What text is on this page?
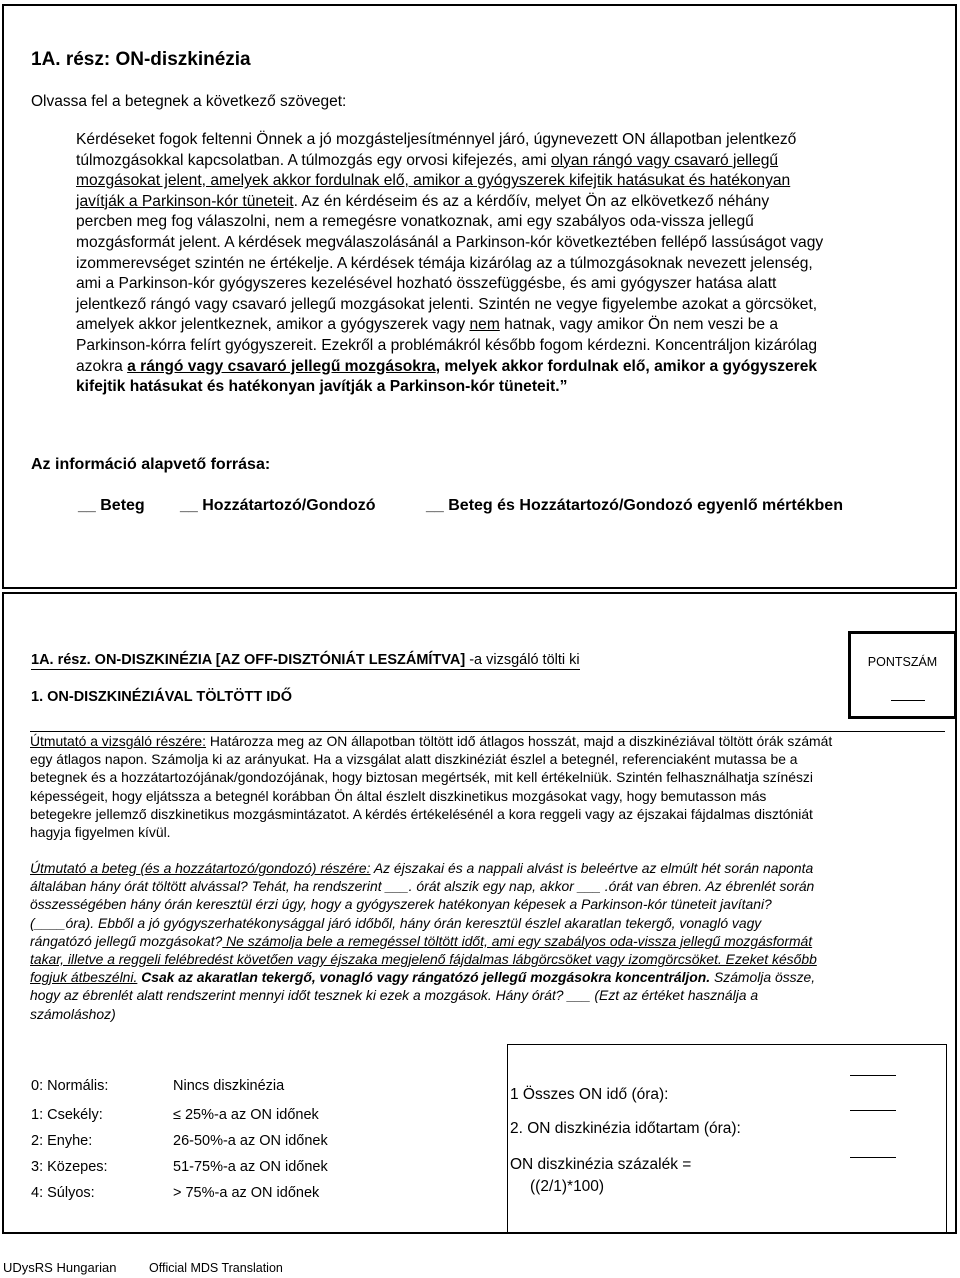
1A. rész: ON-diszkinézia
Olvassa fel a betegnek a következő szöveget:
Kérdéseket fogok feltenni Önnek a jó mozgásteljesítménnyel járó, úgynevezett ON állapotban jelentkező
túlmozgásokkal kapcsolatban. A túlmozgás egy orvosi kifejezés, ami olyan rángó vagy csavaró jellegű
mozgásokat jelent, amelyek akkor fordulnak elő, amikor a gyógyszerek kifejtik hatásukat és hatékonyan
javítják a Parkinson-kór tüneteit. Az én kérdéseim és az a kérdőív, melyet Ön az elkövetkező néhány
percben meg fog válaszolni, nem a remegésre vonatkoznak, ami egy szabályos oda-vissza jellegű
mozgásformát jelent. A kérdések megválaszolásánál a Parkinson-kór következtében fellépő lassúságot vagy
izommerevséget szintén ne értékelje. A kérdések témája kizárólag az a túlmozgásoknak nevezett jelenség,
ami a Parkinson-kór gyógyszeres kezelésével hozható összefüggésbe, és ami gyógyszer hatása alatt
jelentkező rángó vagy csavaró jellegű mozgásokat jelenti. Szintén ne vegye figyelembe azokat a görcsöket,
amelyek akkor jelentkeznek, amikor a gyógyszerek vagy nem hatnak, vagy amikor Ön nem veszi be a
Parkinson-kórra felírt gyógyszereit. Ezekről a problémákról később fogom kérdezni. Koncentráljon kizárólag
azokra a rángó vagy csavaró jellegű mozgásokra, melyek akkor fordulnak elő, amikor a gyógyszerek
kifejtik hatásukat és hatékonyan javítják a Parkinson-kór tüneteit.”
Az információ alapvető forrása:
__ Beteg __ Hozzátartozó/Gondozó	__ Beteg és Hozzátartozó/Gondozó egyenlő mértékben
1A. rész. ON-DISZKINÉZIA [AZ OFF-DISZTÓNIÁT LESZÁMÍTVA] -a vizsgáló tölti ki
1. ON-DISZKINÉZIÁVAL TÖLTÖTT IDŐ
PONTSZÁM
Útmutató a vizsgáló részére: Határozza meg az ON állapotban töltött idő átlagos hosszát, majd a diszkinéziával töltött órák számát
egy átlagos napon. Számolja ki az arányukat. Ha a vizsgálat alatt diszkinéziát észlel a betegnél, referenciaként mutassa be a
betegnek és a hozzátartozójának/gondozójának, hogy biztosan megértsék, mit kell értékelniük. Szintén felhasználhatja színészi
képességeit, hogy eljátssza a betegnél korábban Ön által észlelt diszkinetikus mozgásokat vagy, hogy bemutasson más
betegekre jellemző diszkinetikus mozgásmintázatot. A kérdés értékelésénél a kora reggeli vagy az éjszakai fájdalmas disztóniát
hagyja figyelmen kívül.
Útmutató a beteg (és a hozzátartozó/gondozó) részére: Az éjszakai és a nappali alvást is beleértve az elmúlt hét során naponta
általában hány órát töltött alvással? Tehát, ha rendszerint ___. órát alszik egy nap, akkor ___ .órát van ébren. Az ébrenlét során
összességében hány órán keresztül érzi úgy, hogy a gyógyszerek hatékonyan képesek a Parkinson-kór tüneteit javítani?
(____óra). Ebből a jó gyógyszerhatékonysággal járó időből, hány órán keresztül észlel akaratlan tekergő, vonagló vagy
rángatózó jellegű mozgásokat? Ne számolja bele a remegéssel töltött időt, ami egy szabályos oda-vissza jellegű mozgásformát
takar, illetve a reggeli felébredést követően vagy éjszaka megjelenő fájdalmas lábgörcsöket vagy izomgörcsöket. Ezeket később
fogjuk átbeszélni. Csak az akaratlan tekergő, vonagló vagy rángatózó jellegű mozgásokra koncentráljon. Számolja össze,
hogy az ébrenlét alatt rendszerint mennyi időt tesznek ki ezek a mozgások. Hány órát? ___ (Ezt az értéket használja a
számoláshoz)
0: Normális:	Nincs diszkinézia
1: Csekély:	≤ 25%-a az ON időnek
2: Enyhe:	26-50%-a az ON időnek
3: Közepes:	51-75%-a az ON időnek
4: Súlyos:	> 75%-a az ON időnek
1 Összes ON idő (óra):
2. ON diszkinézia időtartam (óra):
ON diszkinézia százalék =
((2/1)*100)
UDysRS Hungarian	Official MDS Translation
